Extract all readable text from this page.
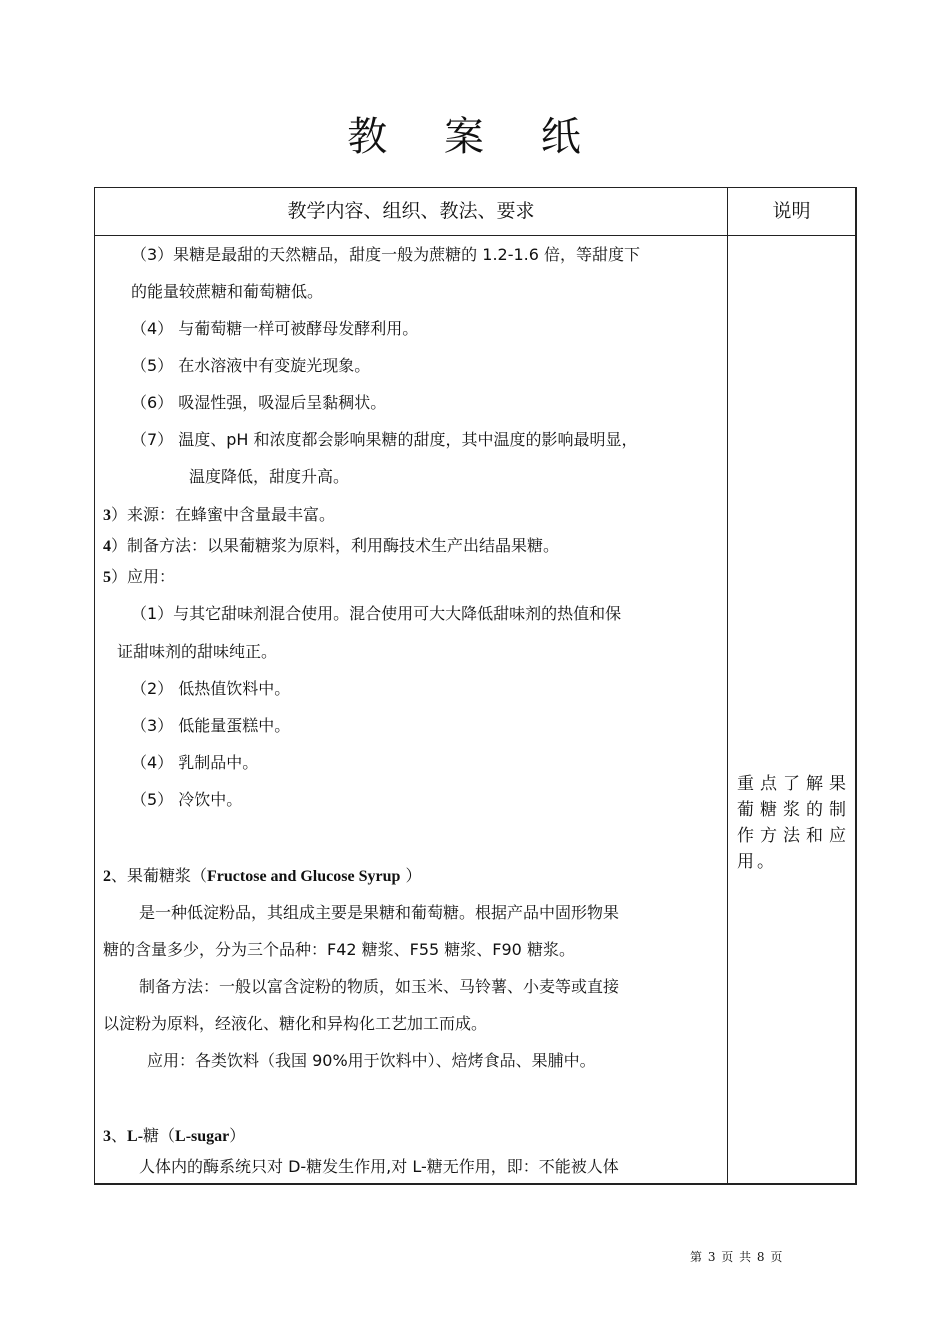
教 案 纸
教学内容、组织、教法、要求	说明
（3）果糖是最甜的天然糖品，甜度一般为蔗糖的 1.2-1.6 倍，等甜度下
的能量较蔗糖和葡萄糖低。
（4） 与葡萄糖一样可被酵母发酵利用。
（5） 在水溶液中有变旋光现象。
（6） 吸湿性强，吸湿后呈黏稠状。
（7） 温度、pH 和浓度都会影响果糖的甜度，其中温度的影响最明显，
温度降低，甜度升高。
3）来源：在蜂蜜中含量最丰富。
4）制备方法：以果葡糖浆为原料，利用酶技术生产出结晶果糖。
5）应用：
（1）与其它甜味剂混合使用。混合使用可大大降低甜味剂的热值和保
证甜味剂的甜味纯正。
（2） 低热值饮料中。
（3） 低能量蛋糕中。
（4） 乳制品中。
（5） 冷饮中。
2、果葡糖浆（Fructose and Glucose Syrup ）
是一种低淀粉品，其组成主要是果糖和葡萄糖。根据产品中固形物果
糖的含量多少，分为三个品种：F42 糖浆、F55 糖浆、F90 糖浆。
制备方法：一般以富含淀粉的物质，如玉米、马铃薯、小麦等或直接
以淀粉为原料，经液化、糖化和异构化工艺加工而成。
应用：各类饮料（我国 90%用于饮料中）、焙烤食品、果脯中。
3、L-糖（L-sugar）
人体内的酶系统只对 D-糖发生作用,对 L-糖无作用，即：不能被人体
重点了解果葡糖浆的制作方法和应用。
第 3 页 共 8 页
